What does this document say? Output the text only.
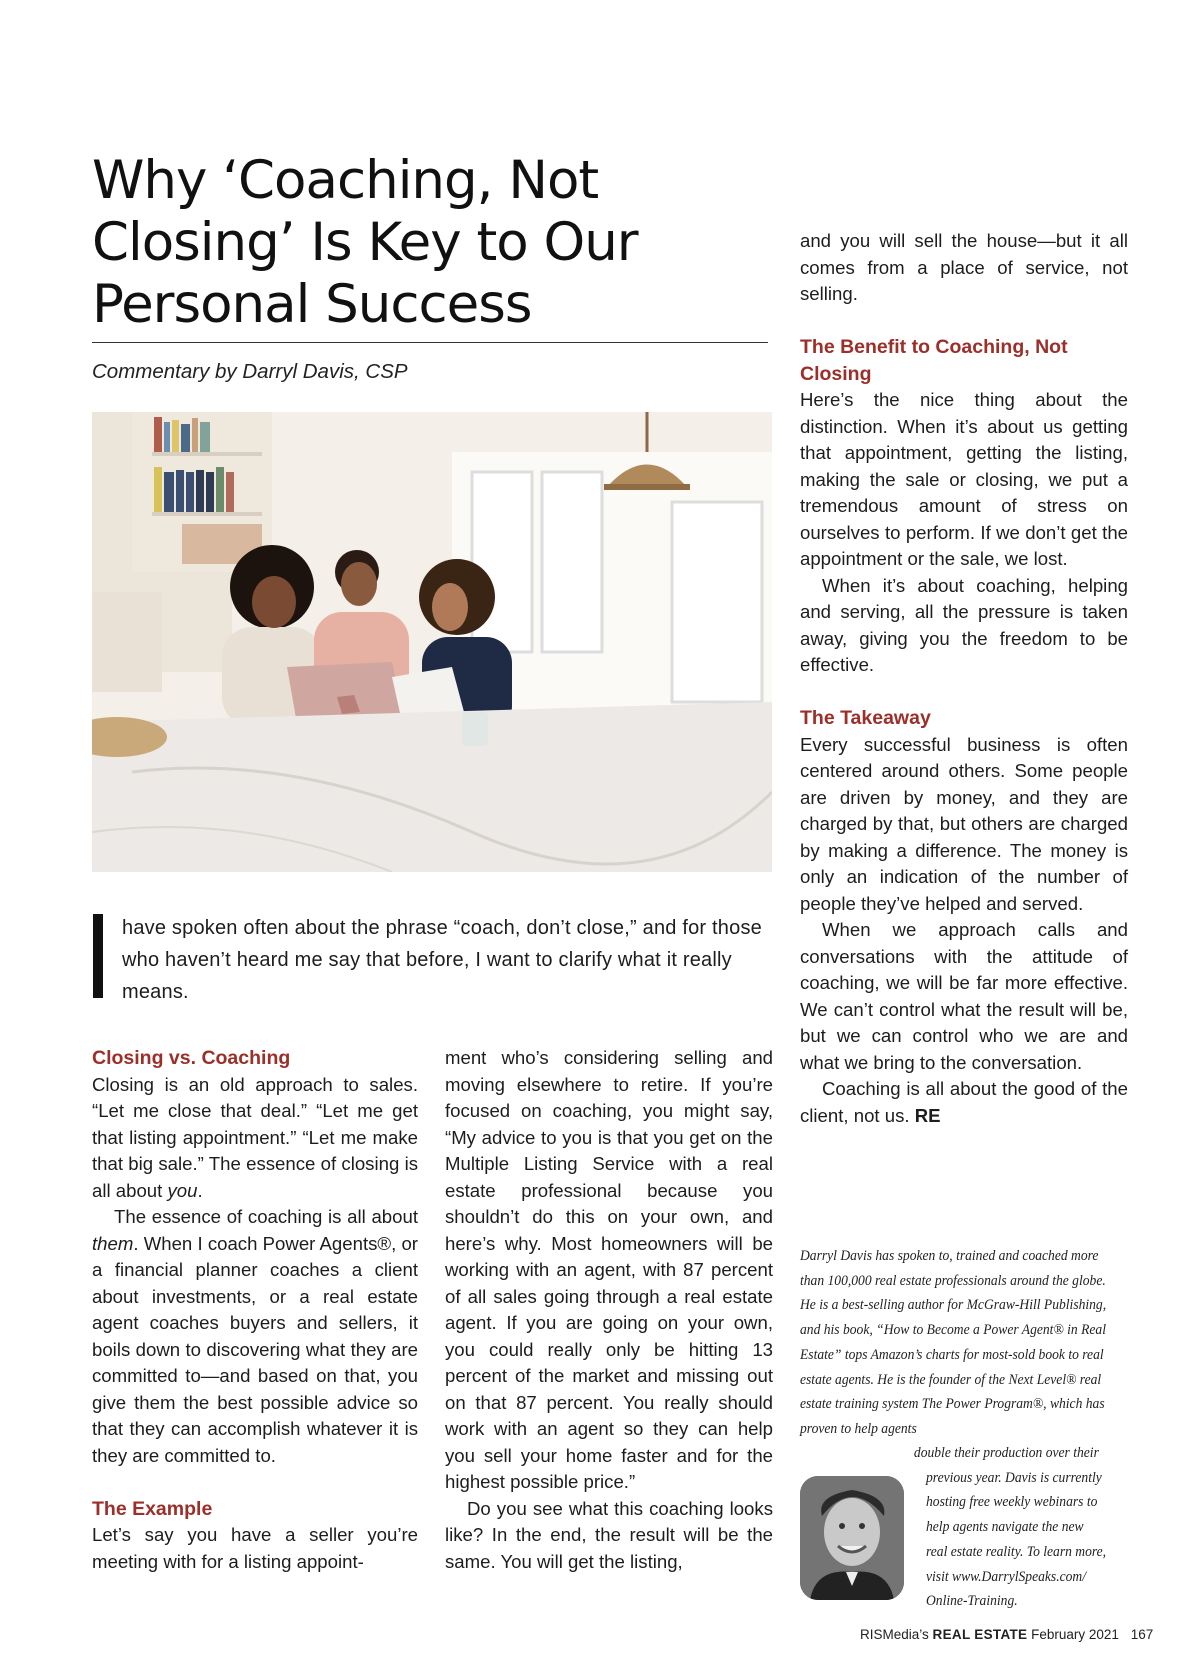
Why ‘Coaching, Not
Closing’ Is Key to Our
Personal Success
Commentary by Darryl Davis, CSP
have spoken often about the phrase “coach, don’t close,” and for those who haven’t heard me say that before, I want to clarify what it really means.
Closing vs. Coaching

Closing is an old approach to sales. “Let me close that deal.” “Let me get that listing appointment.” “Let me make that big sale.” The essence of closing is all about you.

The essence of coaching is all about them. When I coach Power Agents®, or a financial planner coaches a client about investments, or a real estate agent coaches buyers and sellers, it boils down to discovering what they are committed to—and based on that, you give them the best possible advice so that they can accomplish whatever it is they are committed to.

The Example

Let’s say you have a seller you’re meeting with for a listing appoint-

ment who’s considering selling and moving elsewhere to retire. If you’re focused on coaching, you might say, “My advice to you is that you get on the Multiple Listing Service with a real estate professional because you shouldn’t do this on your own, and here’s why. Most homeowners will be working with an agent, with 87 percent of all sales going through a real estate agent. If you are going on your own, you could really only be hitting 13 percent of the market and missing out on that 87 percent. You really should work with an agent so they can help you sell your home faster and for the highest possible price.”

Do you see what this coaching looks like? In the end, the result will be the same. You will get the listing,

and you will sell the house—but it all comes from a place of service, not selling.

The Benefit to Coaching, Not Closing

Here’s the nice thing about the distinction. When it’s about us getting that appointment, getting the listing, making the sale or closing, we put a tremendous amount of stress on ourselves to perform. If we don’t get the appointment or the sale, we lost.

When it’s about coaching, helping and serving, all the pressure is taken away, giving you the freedom to be effective.

The Takeaway

Every successful business is often centered around others. Some people are driven by money, and they are charged by that, but others are charged by making a difference. The money is only an indication of the number of people they’ve helped and served.

When we approach calls and conversations with the attitude of coaching, we will be far more effective. We can’t control what the result will be, but we can control who we are and what we bring to the conversation.

Coaching is all about the good of the client, not us. RE

Darryl Davis has spoken to, trained and coached more than 100,000 real estate professionals around the globe. He is a best-selling author for McGraw-Hill Publishing, and his book, “How to Become a Power Agent® in Real Estate” tops Amazon’s charts for most-sold book to real estate agents. He is the founder of the Next Level® real estate training system The Power Program®, which has proven to help agents
double their production over their
previous year. Davis is currently
hosting free weekly webinars to
help agents navigate the new
real estate reality. To learn more,
visit www.DarrylSpeaks.com/
Online-Training.
RISMedia’s REAL ESTATE February 2021 167
